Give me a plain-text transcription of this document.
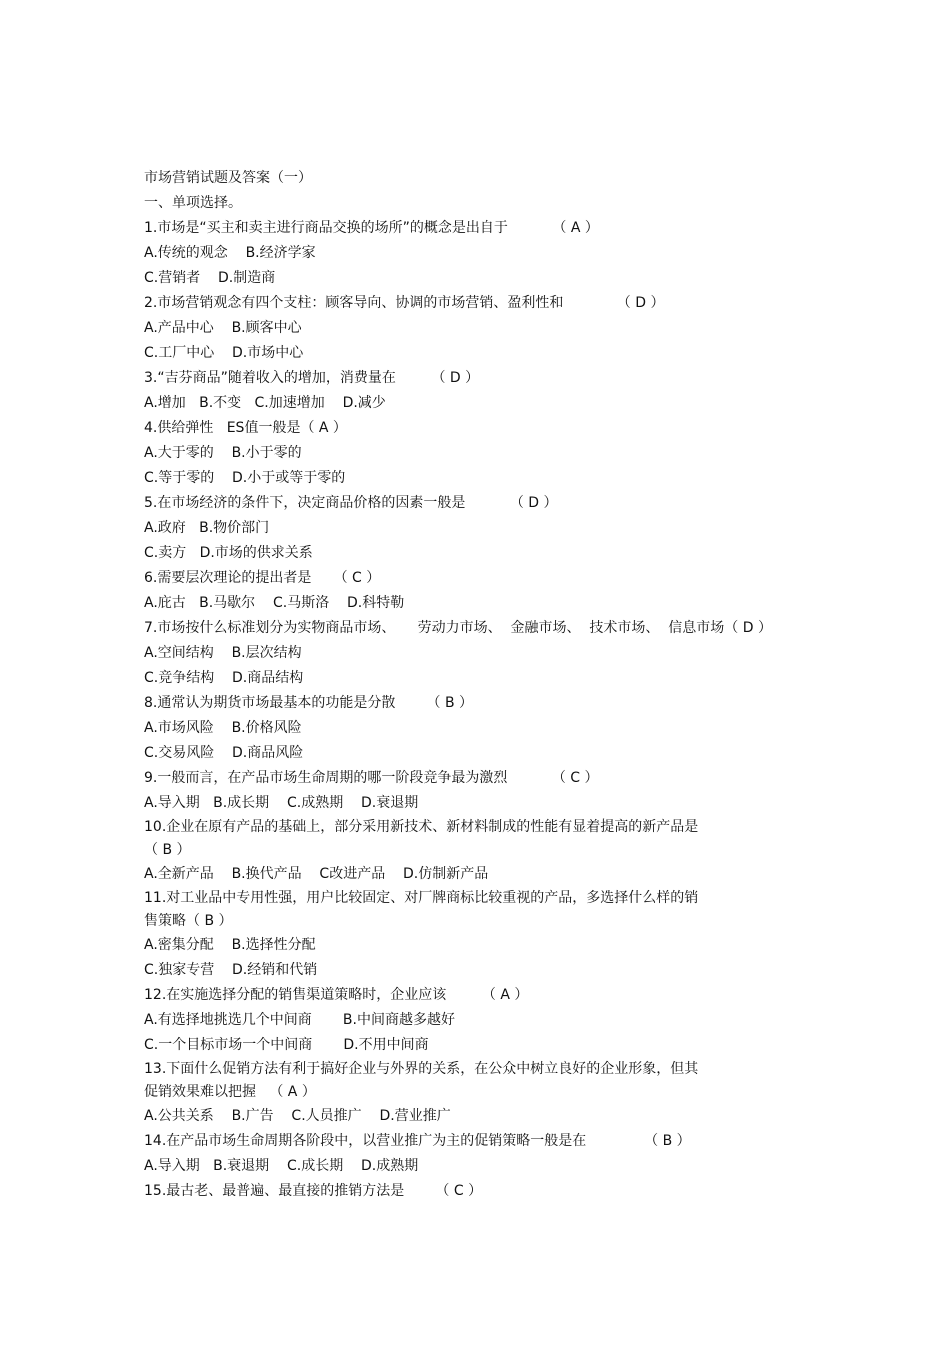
市场营销试题及答案（一）
一、单项选择。
1.市场是“买主和卖主进行商品交换的场所”的概念是出自于          （ A ）
A.传统的观念    B.经济学家
C.营销者    D.制造商
2.市场营销观念有四个支柱：顾客导向、协调的市场营销、盈利性和            （ D ）
A.产品中心    B.顾客中心
C.工厂中心    D.市场中心
3.“吉芬商品”随着收入的增加，消费量在        （ D ）
A.增加   B.不变   C.加速增加    D.减少
4.供给弹性   ES值一般是（ A ）
A.大于零的    B.小于零的
C.等于零的    D.小于或等于零的
5.在市场经济的条件下，决定商品价格的因素一般是          （ D ）
A.政府   B.物价部门
C.卖方   D.市场的供求关系
6.需要层次理论的提出者是     （ C ）
A.庇古   B.马歇尔    C.马斯洛    D.科特勒
7.市场按什么标准划分为实物商品市场、     劳动力市场、  金融市场、  技术市场、  信息市场（ D ）
A.空间结构    B.层次结构
C.竞争结构    D.商品结构
8.通常认为期货市场最基本的功能是分散       （ B ）
A.市场风险    B.价格风险
C.交易风险    D.商品风险
9.一般而言，在产品市场生命周期的哪一阶段竞争最为激烈          （ C ）
A.导入期   B.成长期    C.成熟期    D.衰退期
10.企业在原有产品的基础上，部分采用新技术、新材料制成的性能有显着提高的新产品是
（ B ）
A.全新产品    B.换代产品    C改进产品    D.仿制新产品
11.对工业品中专用性强，用户比较固定、对厂牌商标比较重视的产品，多选择什么样的销
售策略（ B ）
A.密集分配    B.选择性分配
C.独家专营    D.经销和代销
12.在实施选择分配的销售渠道策略时，企业应该        （ A ）
A.有选择地挑选几个中间商       B.中间商越多越好
C.一个目标市场一个中间商       D.不用中间商
13.下面什么促销方法有利于搞好企业与外界的关系，在公众中树立良好的企业形象，但其
促销效果难以把握   （ A ）
A.公共关系    B.广告    C.人员推广    D.营业推广
14.在产品市场生命周期各阶段中，以营业推广为主的促销策略一般是在             （ B ）
A.导入期   B.衰退期    C.成长期    D.成熟期
15.最古老、最普遍、最直接的推销方法是       （ C ）
